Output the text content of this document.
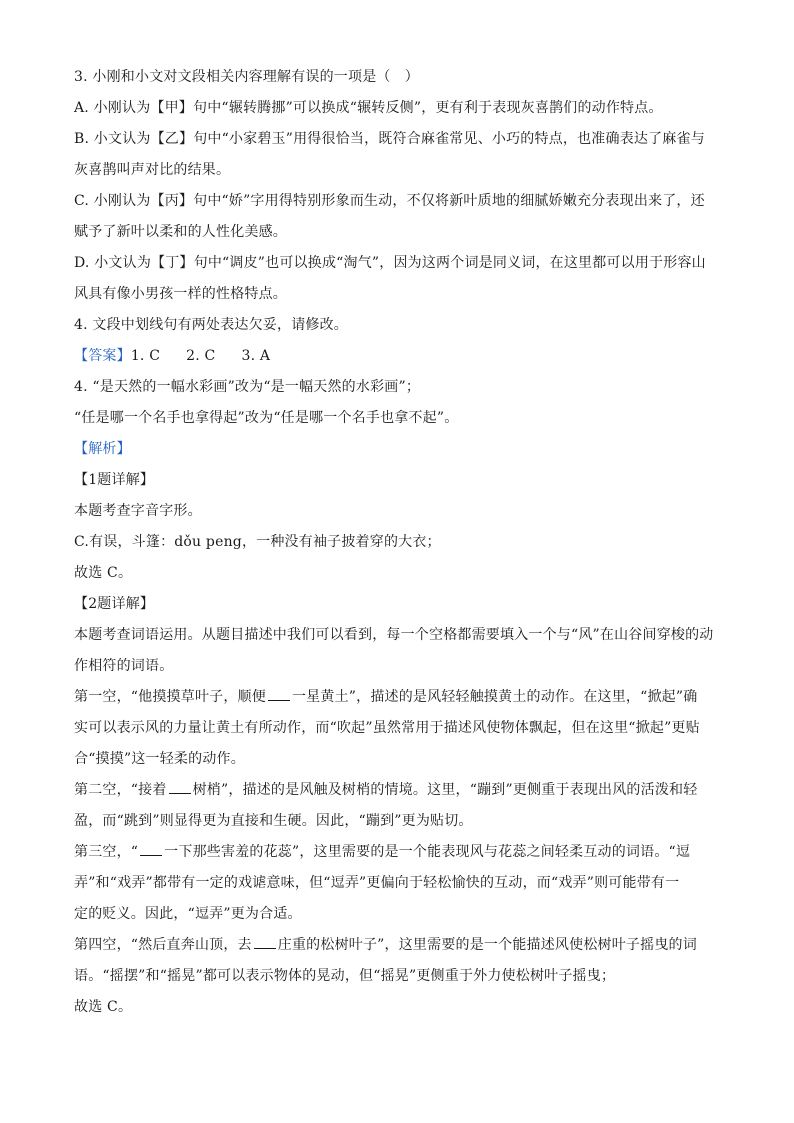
3. 小刚和小文对文段相关内容理解有误的一项是（　）

A. 小刚认为【甲】句中“辗转腾挪”可以换成“辗转反侧”，更有利于表现灰喜鹊们的动作特点。

B. 小文认为【乙】句中“小家碧玉”用得很恰当，既符合麻雀常见、小巧的特点，也准确表达了麻雀与

灰喜鹊叫声对比的结果。

C. 小刚认为【丙】句中“娇”字用得特别形象而生动，不仅将新叶质地的细腻娇嫩充分表现出来了，还

赋予了新叶以柔和的人性化美感。

D. 小文认为【丁】句中“调皮”也可以换成“淘气”，因为这两个词是同义词，在这里都可以用于形容山

风具有像小男孩一样的性格特点。

4. 文段中划线句有两处表达欠妥，请修改。

【答案】1. C 2. C 3. A

4. “是天然的一幅水彩画”改为“是一幅天然的水彩画”；

“任是哪一个名手也拿得起”改为“任是哪一个名手也拿不起”。

【解析】

【1题详解】

本题考查字音字形。

C.有误，斗篷：dǒu peng，一种没有袖子披着穿的大衣；

故选 C。

【2题详解】

本题考查词语运用。从题目描述中我们可以看到，每一个空格都需要填入一个与“风”在山谷间穿梭的动

作相符的词语。

第一空，“他摸摸草叶子，顺便 一星黄土”，描述的是风轻轻触摸黄土的动作。在这里，“掀起”确

实可以表示风的力量让黄土有所动作，而“吹起”虽然常用于描述风使物体飘起，但在这里“掀起”更贴

合“摸摸”这一轻柔的动作。

第二空，“接着 树梢”，描述的是风触及树梢的情境。这里，“蹦到”更侧重于表现出风的活泼和轻

盈，而“跳到”则显得更为直接和生硬。因此，“蹦到”更为贴切。

第三空，“ 一下那些害羞的花蕊”，这里需要的是一个能表现风与花蕊之间轻柔互动的词语。“逗

弄”和“戏弄”都带有一定的戏谑意味，但“逗弄”更偏向于轻松愉快的互动，而“戏弄”则可能带有一

定的贬义。因此，“逗弄”更为合适。

第四空，“然后直奔山顶，去 庄重的松树叶子”，这里需要的是一个能描述风使松树叶子摇曳的词

语。“摇摆”和“摇晃”都可以表示物体的晃动，但“摇晃”更侧重于外力使松树叶子摇曳；

故选 C。
